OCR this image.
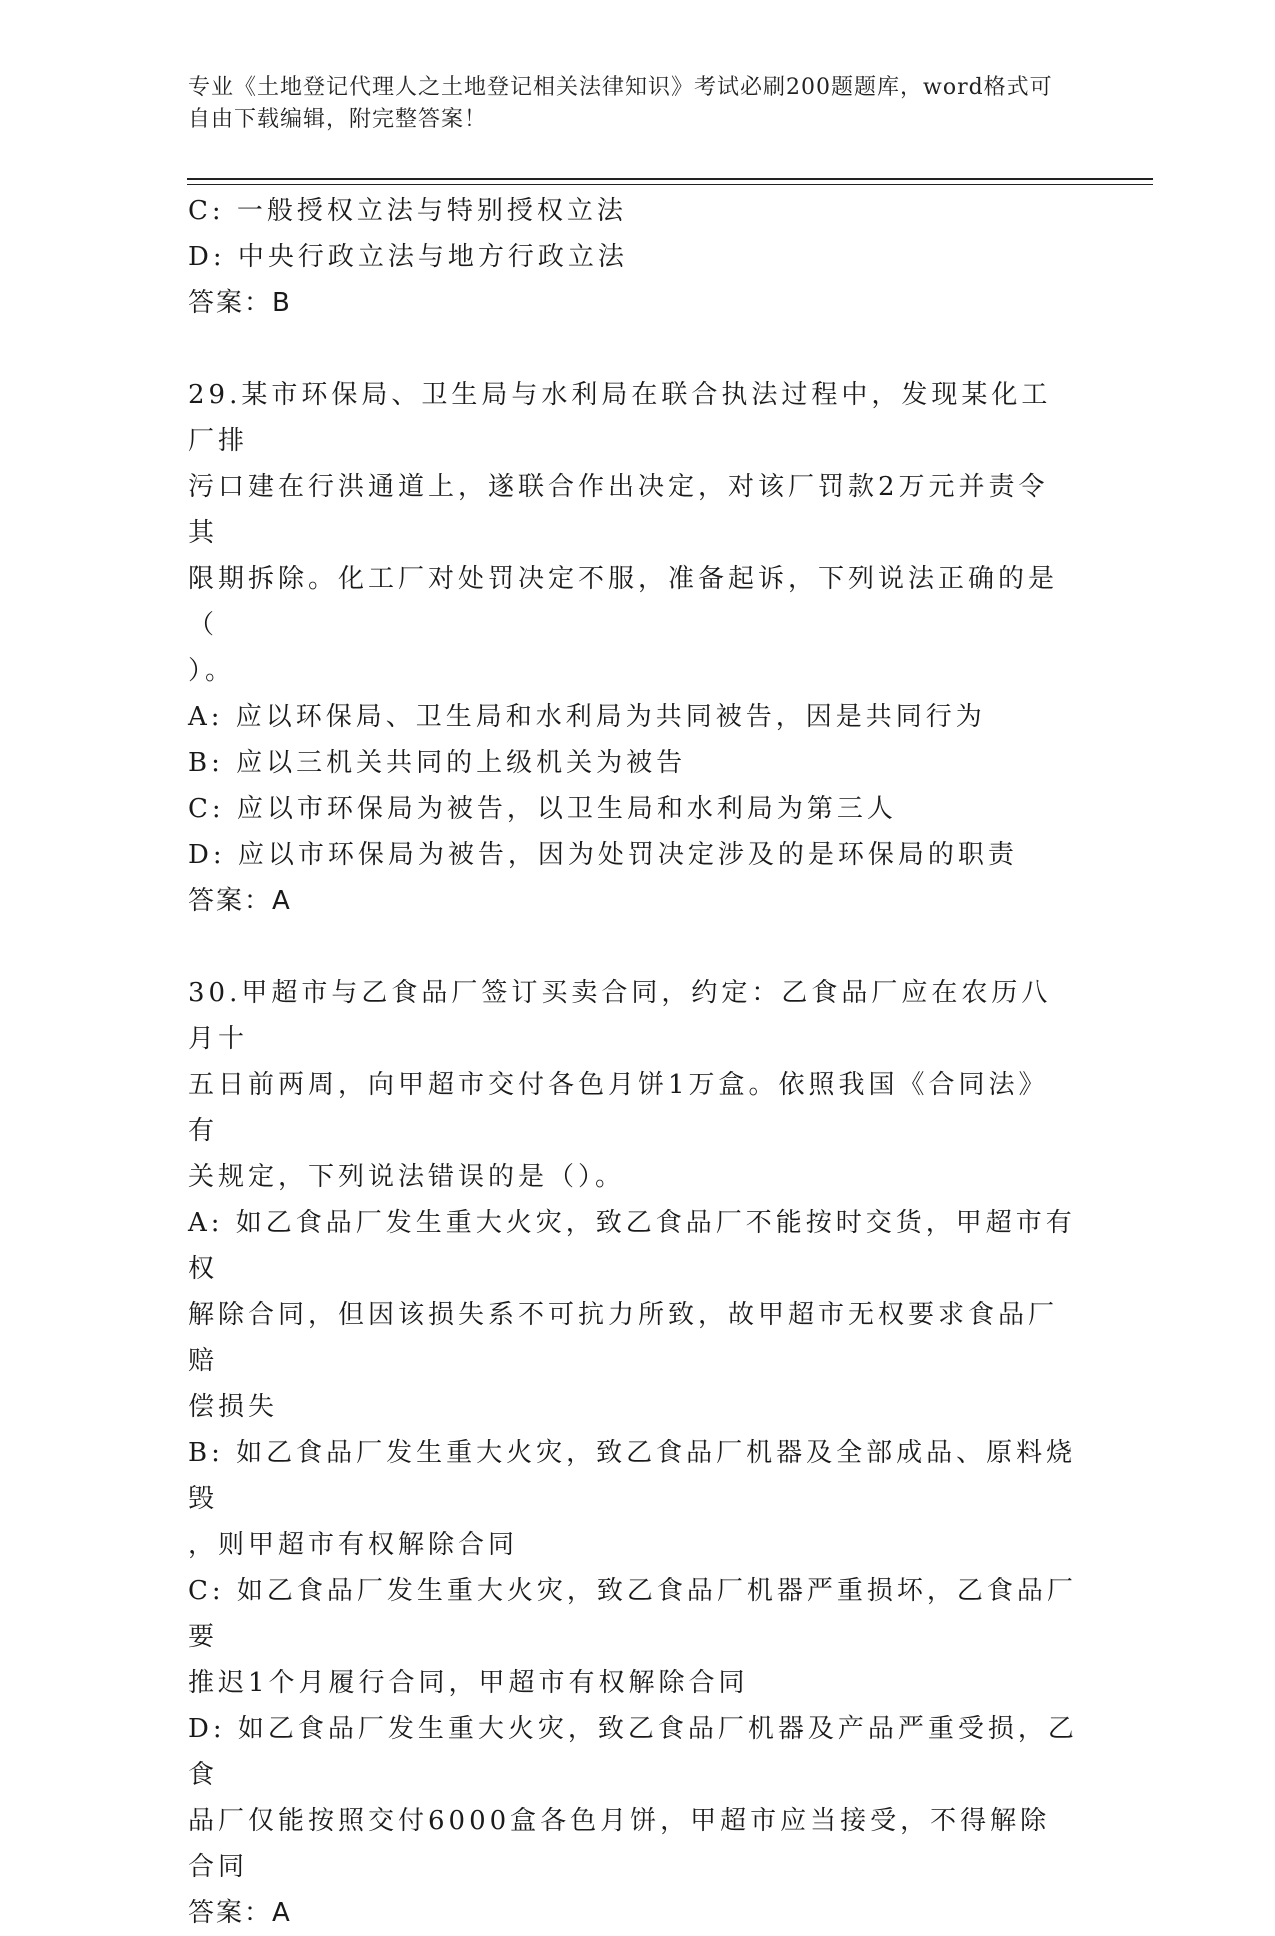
专业《土地登记代理人之土地登记相关法律知识》考试必刷200题题库，word格式可自由下载编辑，附完整答案！
C: 一般授权立法与特别授权立法
D: 中央行政立法与地方行政立法
答案：B
29.某市环保局、卫生局与水利局在联合执法过程中，发现某化工厂排
污口建在行洪通道上，遂联合作出决定，对该厂罚款2万元并责令其
限期拆除。化工厂对处罚决定不服，准备起诉，下列说法正确的是（
）。
A: 应以环保局、卫生局和水利局为共同被告，因是共同行为
B: 应以三机关共同的上级机关为被告
C: 应以市环保局为被告，以卫生局和水利局为第三人
D: 应以市环保局为被告，因为处罚决定涉及的是环保局的职责
答案：A
30.甲超市与乙食品厂签订买卖合同，约定：乙食品厂应在农历八月十
五日前两周，向甲超市交付各色月饼1万盒。依照我国《合同法》有
关规定，下列说法错误的是（）。
A: 如乙食品厂发生重大火灾，致乙食品厂不能按时交货，甲超市有权
解除合同，但因该损失系不可抗力所致，故甲超市无权要求食品厂赔
偿损失
B: 如乙食品厂发生重大火灾，致乙食品厂机器及全部成品、原料烧毁
，则甲超市有权解除合同
C: 如乙食品厂发生重大火灾，致乙食品厂机器严重损坏，乙食品厂要
推迟1个月履行合同，甲超市有权解除合同
D: 如乙食品厂发生重大火灾，致乙食品厂机器及产品严重受损，乙食
品厂仅能按照交付6000盒各色月饼，甲超市应当接受，不得解除合同
答案：A
